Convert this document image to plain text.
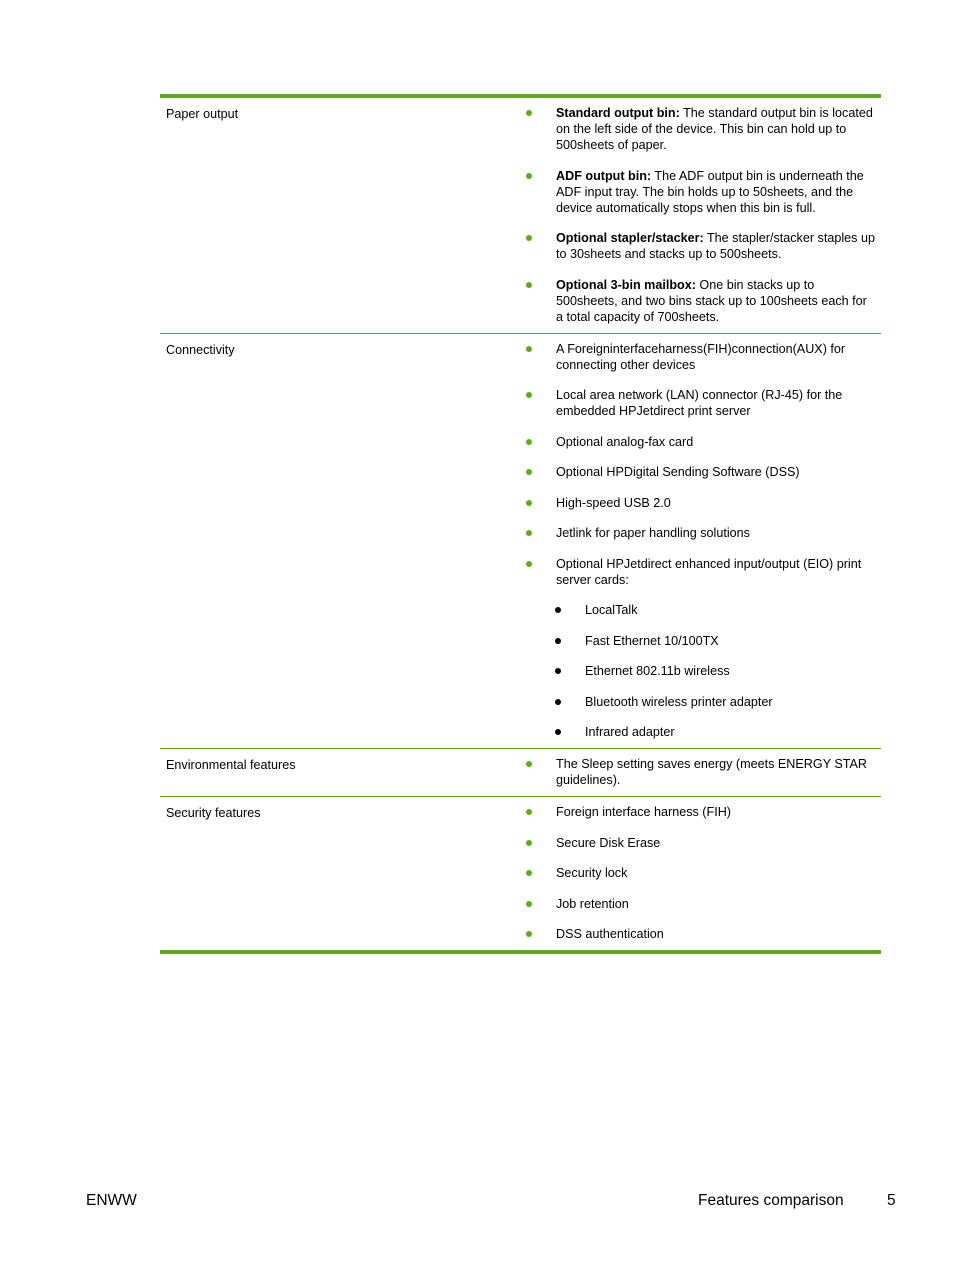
Paper output	Standard output bin: The standard output bin is located on the left side of the device. This bin can hold up to 500sheets of paper.
ADF output bin: The ADF output bin is underneath the ADF input tray. The bin holds up to 50sheets, and the device automatically stops when this bin is full.
Optional stapler/stacker: The stapler/stacker staples up to 30sheets and stacks up to 500sheets.
Optional 3-bin mailbox: One bin stacks up to 500sheets, and two bins stack up to 100sheets each for a total capacity of 700sheets.
Connectivity	A Foreigninterfaceharness(FIH)connection(AUX) for connecting other devices
Local area network (LAN) connector (RJ-45) for the embedded HPJetdirect print server
Optional analog-fax card
Optional HPDigital Sending Software (DSS)
High-speed USB 2.0
Jetlink for paper handling solutions
Optional HPJetdirect enhanced input/output (EIO) print server cards:
LocalTalk
Fast Ethernet 10/100TX
Ethernet 802.11b wireless
Bluetooth wireless printer adapter
Infrared adapter
Environmental features	The Sleep setting saves energy (meets ENERGY STAR guidelines).
Security features	Foreign interface harness (FIH)
Secure Disk Erase
Security lock
Job retention
DSS authentication
ENWW	Features comparison	5
